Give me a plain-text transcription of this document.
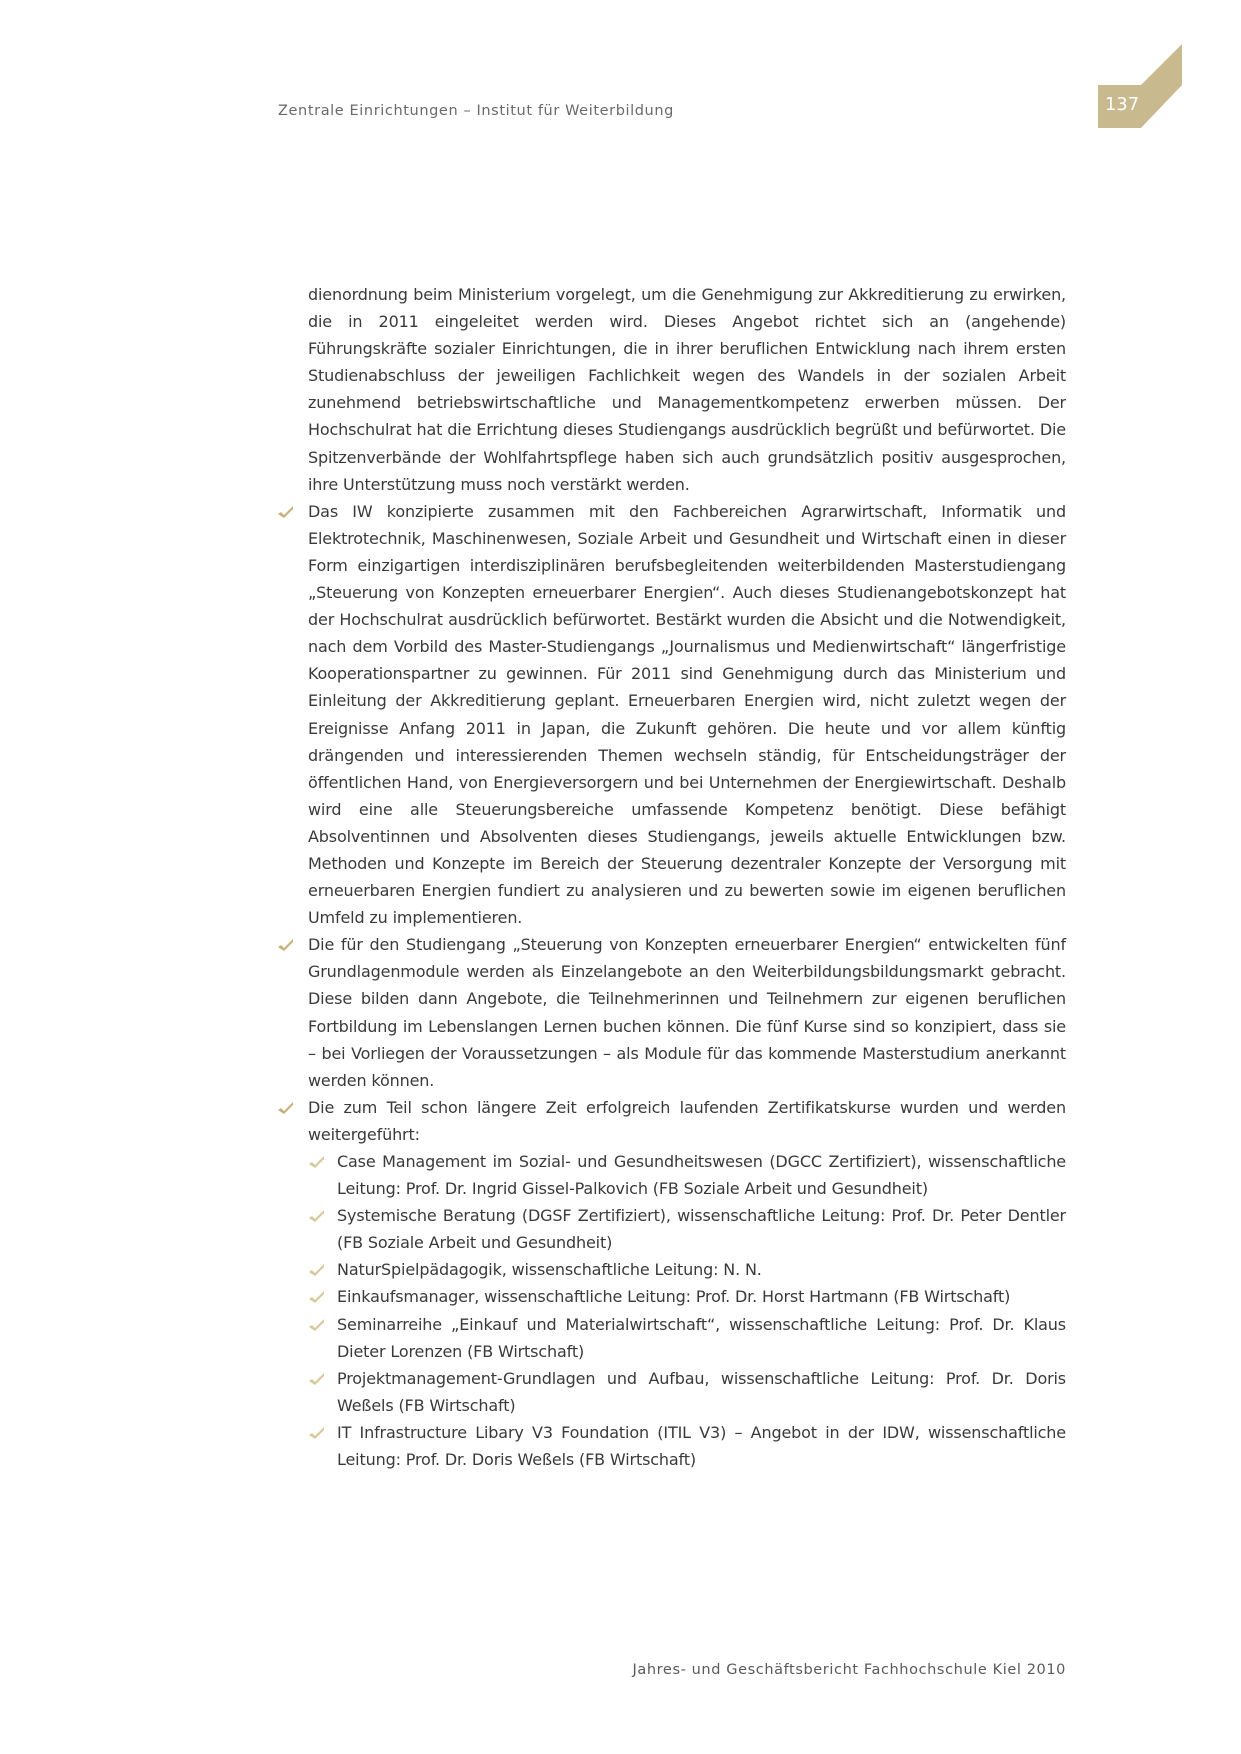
Zentrale Einrichtungen – Institut für Weiterbildung	137

dienordnung beim Ministerium vorgelegt, um die Genehmigung zur Akkreditierung zu erwirken, die in 2011 eingeleitet werden wird. Dieses Angebot richtet sich an (angehende) Führungskräfte sozialer Einrichtungen, die in ihrer beruflichen Entwicklung nach ihrem ersten Studienabschluss der jeweiligen Fachlichkeit wegen des Wandels in der sozialen Arbeit zunehmend betriebswirtschaftliche und Managementkompetenz erwerben müssen. Der Hochschulrat hat die Errichtung dieses Studiengangs ausdrücklich begrüßt und befürwortet. Die Spitzenverbände der Wohlfahrtspflege haben sich auch grundsätzlich positiv ausgesprochen, ihre Unterstützung muss noch verstärkt werden.

Das IW konzipierte zusammen mit den Fachbereichen Agrarwirtschaft, Informatik und Elektrotechnik, Maschinenwesen, Soziale Arbeit und Gesundheit und Wirtschaft einen in dieser Form einzigartigen interdisziplinären berufsbegleitenden weiterbildenden Masterstudiengang „Steuerung von Konzepten erneuerbarer Energien“. Auch dieses Studienangebotskonzept hat der Hochschulrat ausdrücklich befürwortet. Bestärkt wurden die Absicht und die Notwendigkeit, nach dem Vorbild des Master-Studiengangs „Journalismus und Medienwirtschaft“ längerfristige Kooperationspartner zu gewinnen. Für 2011 sind Genehmigung durch das Ministerium und Einleitung der Akkreditierung geplant. Erneuerbaren Energien wird, nicht zuletzt wegen der Ereignisse Anfang 2011 in Japan, die Zukunft gehören. Die heute und vor allem künftig drängenden und interessierenden Themen wechseln ständig, für Entscheidungsträger der öffentlichen Hand, von Energieversorgern und bei Unternehmen der Energiewirtschaft. Deshalb wird eine alle Steuerungsbereiche umfassende Kompetenz benötigt. Diese befähigt Absolventinnen und Absolventen dieses Studiengangs, jeweils aktuelle Entwicklungen bzw. Methoden und Konzepte im Bereich der Steuerung dezentraler Konzepte der Versorgung mit erneuerbaren Energien fundiert zu analysieren und zu bewerten sowie im eigenen beruflichen Umfeld zu implementieren.

Die für den Studiengang „Steuerung von Konzepten erneuerbarer Energien“ entwickelten fünf Grundlagenmodule werden als Einzelangebote an den Weiterbildungsbildungsmarkt gebracht. Diese bilden dann Angebote, die Teilnehmerinnen und Teilnehmern zur eigenen beruflichen Fortbildung im Lebenslangen Lernen buchen können. Die fünf Kurse sind so konzipiert, dass sie – bei Vorliegen der Voraussetzungen – als Module für das kommende Masterstudium anerkannt werden können.

Die zum Teil schon längere Zeit erfolgreich laufenden Zertifikatskurse wurden und werden weitergeführt:

Case Management im Sozial- und Gesundheitswesen (DGCC Zertifiziert), wissenschaftliche Leitung: Prof. Dr. Ingrid Gissel-Palkovich (FB Soziale Arbeit und Gesundheit)

Systemische Beratung (DGSF Zertifiziert), wissenschaftliche Leitung: Prof. Dr. Peter Dentler (FB Soziale Arbeit und Gesundheit)

NaturSpielpädagogik, wissenschaftliche Leitung: N. N.

Einkaufsmanager, wissenschaftliche Leitung: Prof. Dr. Horst Hartmann (FB Wirtschaft)

Seminarreihe „Einkauf und Materialwirtschaft“, wissenschaftliche Leitung: Prof. Dr. Klaus Dieter Lorenzen (FB Wirtschaft)

Projektmanagement-Grundlagen und Aufbau, wissenschaftliche Leitung: Prof. Dr. Doris Weßels (FB Wirtschaft)

IT Infrastructure Libary V3 Foundation (ITIL V3) – Angebot in der IDW, wissenschaftliche Leitung: Prof. Dr. Doris Weßels (FB Wirtschaft)

Jahres- und Geschäftsbericht Fachhochschule Kiel 2010
